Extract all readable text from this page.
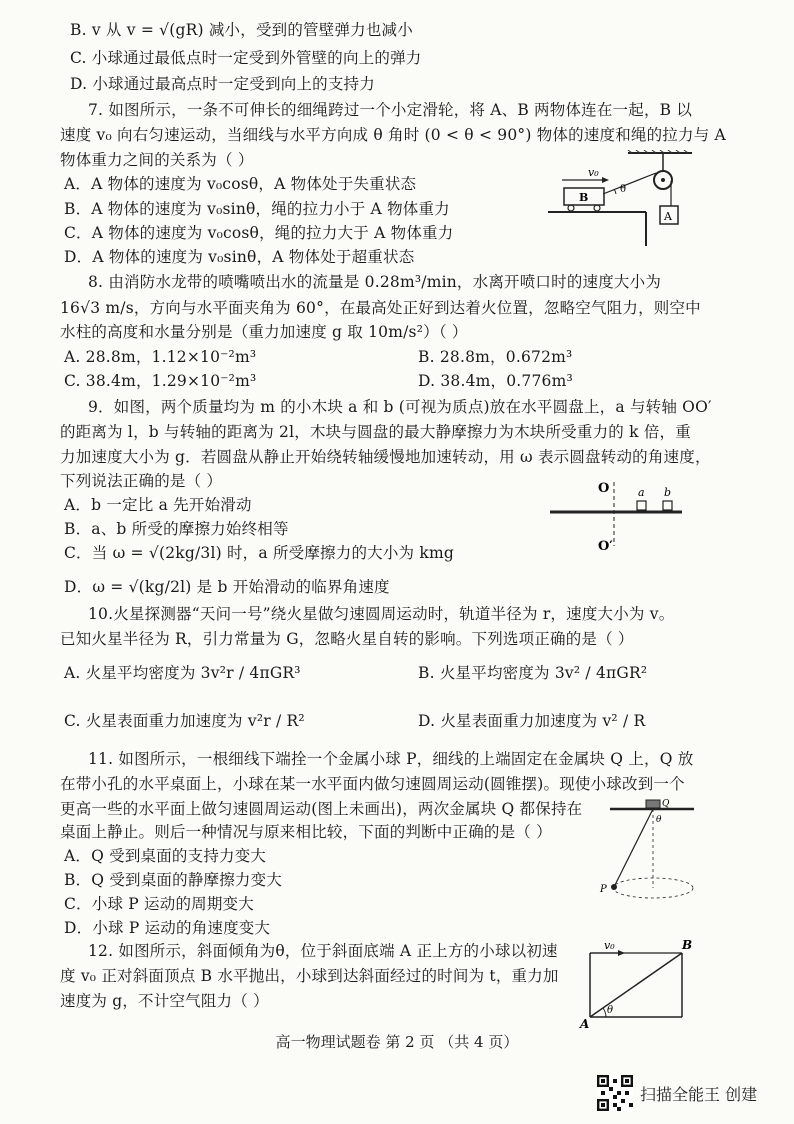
B. v 从 v = √(gR) 减小，受到的管壁弹力也减小
C. 小球通过最低点时一定受到外管壁的向上的弹力
D. 小球通过最高点时一定受到向上的支持力
7. 如图所示，一条不可伸长的细绳跨过一个小定滑轮，将 A、B 两物体连在一起，B 以
速度 v₀ 向右匀速运动，当细线与水平方向成 θ 角时 (0 < θ < 90°) 物体的速度和绳的拉力与 A
物体重力之间的关系为（ ）
A．A 物体的速度为 v₀cosθ，A 物体处于失重状态
B．A 物体的速度为 v₀sinθ，绳的拉力小于 A 物体重力
C．A 物体的速度为 v₀cosθ，绳的拉力大于 A 物体重力
D．A 物体的速度为 v₀sinθ，A 物体处于超重状态
8. 由消防水龙带的喷嘴喷出水的流量是 0.28m³/min，水离开喷口时的速度大小为
16√3 m/s，方向与水平面夹角为 60°，在最高处正好到达着火位置，忽略空气阻力，则空中
水柱的高度和水量分别是（重力加速度 g 取 10m/s²）（ ）
A. 28.8m，1.12×10⁻²m³	B. 28.8m，0.672m³
C. 38.4m，1.29×10⁻²m³	D. 38.4m，0.776m³
9．如图，两个质量均为 m 的小木块 a 和 b (可视为质点)放在水平圆盘上，a 与转轴 OO′
的距离为 l，b 与转轴的距离为 2l，木块与圆盘的最大静摩擦力为木块所受重力的 k 倍，重
力加速度大小为 g．若圆盘从静止开始绕转轴缓慢地加速转动，用 ω 表示圆盘转动的角速度，
下列说法正确的是（ ）
A．b 一定比 a 先开始滑动
B．a、b 所受的摩擦力始终相等
C．当 ω = √(2kg/3l) 时，a 所受摩擦力的大小为 kmg
D．ω = √(kg/2l) 是 b 开始滑动的临界角速度
10.火星探测器“天问一号”绕火星做匀速圆周运动时，轨道半径为 r，速度大小为 v。
已知火星半径为 R，引力常量为 G，忽略火星自转的影响。下列选项正确的是（ ）
A. 火星平均密度为 3v²r / 4πGR³	B. 火星平均密度为 3v² / 4πGR²
C. 火星表面重力加速度为 v²r / R²	D. 火星表面重力加速度为 v² / R
11. 如图所示，一根细线下端拴一个金属小球 P，细线的上端固定在金属块 Q 上，Q 放
在带小孔的水平桌面上，小球在某一水平面内做匀速圆周运动(圆锥摆)。现使小球改到一个
更高一些的水平面上做匀速圆周运动(图上未画出)，两次金属块 Q 都保持在
桌面上静止。则后一种情况与原来相比较，下面的判断中正确的是（ ）
A．Q 受到桌面的支持力变大
B．Q 受到桌面的静摩擦力变大
C．小球 P 运动的周期变大
D．小球 P 运动的角速度变大
12. 如图所示，斜面倾角为θ，位于斜面底端 A 正上方的小球以初速
度 v₀ 正对斜面顶点 B 水平抛出，小球到达斜面经过的时间为 t，重力加
速度为 g，不计空气阻力（ ）
A
θ
v₀
B
O	a b
O′
Q
θ
P
v₀	B
θ
A
高一物理试题卷 第 2 页 （共 4 页）
扫描全能王 创建
